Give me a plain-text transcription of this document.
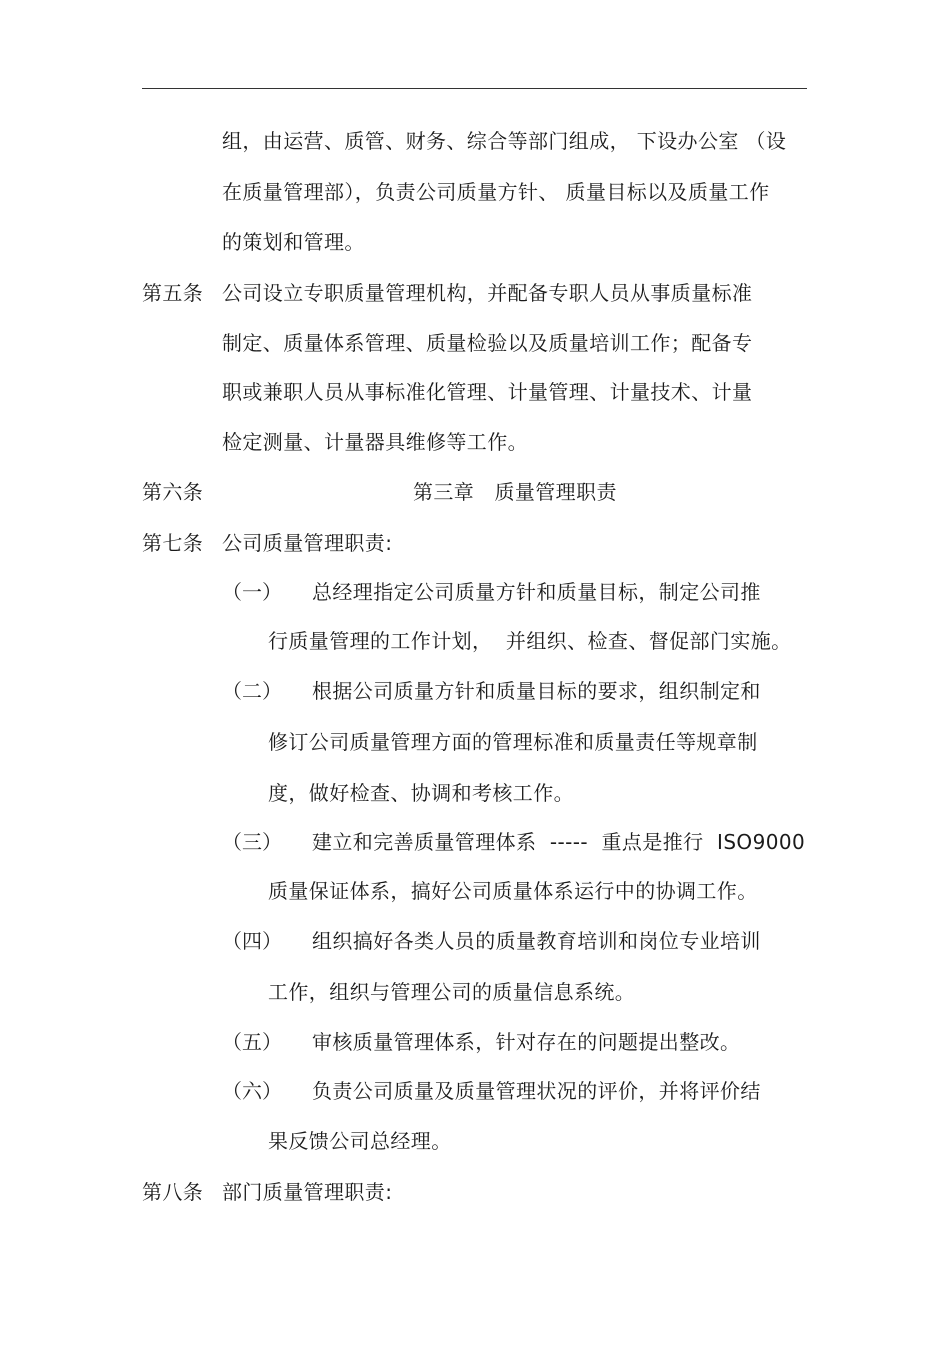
组，由运营、质管、财务、综合等部门组成， 下设办公室 （设
在质量管理部），负责公司质量方针、 质量目标以及质量工作
的策划和管理。
第五条 公司设立专职质量管理机构，并配备专职人员从事质量标准
制定、质量体系管理、质量检验以及质量培训工作；配备专
职或兼职人员从事标准化管理、计量管理、计量技术、计量
检定测量、计量器具维修等工作。
第六条	第三章   质量管理职责
第七条 公司质量管理职责:
（一） 总经理指定公司质量方针和质量目标，制定公司推
行质量管理的工作计划，  并组织、检查、督促部门实施。
（二） 根据公司质量方针和质量目标的要求，组织制定和
修订公司质量管理方面的管理标准和质量责任等规章制
度，做好检查、协调和考核工作。
（三） 建立和完善质量管理体系  -----  重点是推行  ISO9000
质量保证体系，搞好公司质量体系运行中的协调工作。
（四） 组织搞好各类人员的质量教育培训和岗位专业培训
工作，组织与管理公司的质量信息系统。
（五） 审核质量管理体系，针对存在的问题提出整改。
（六） 负责公司质量及质量管理状况的评价，并将评价结
果反馈公司总经理。
第八条 部门质量管理职责:
